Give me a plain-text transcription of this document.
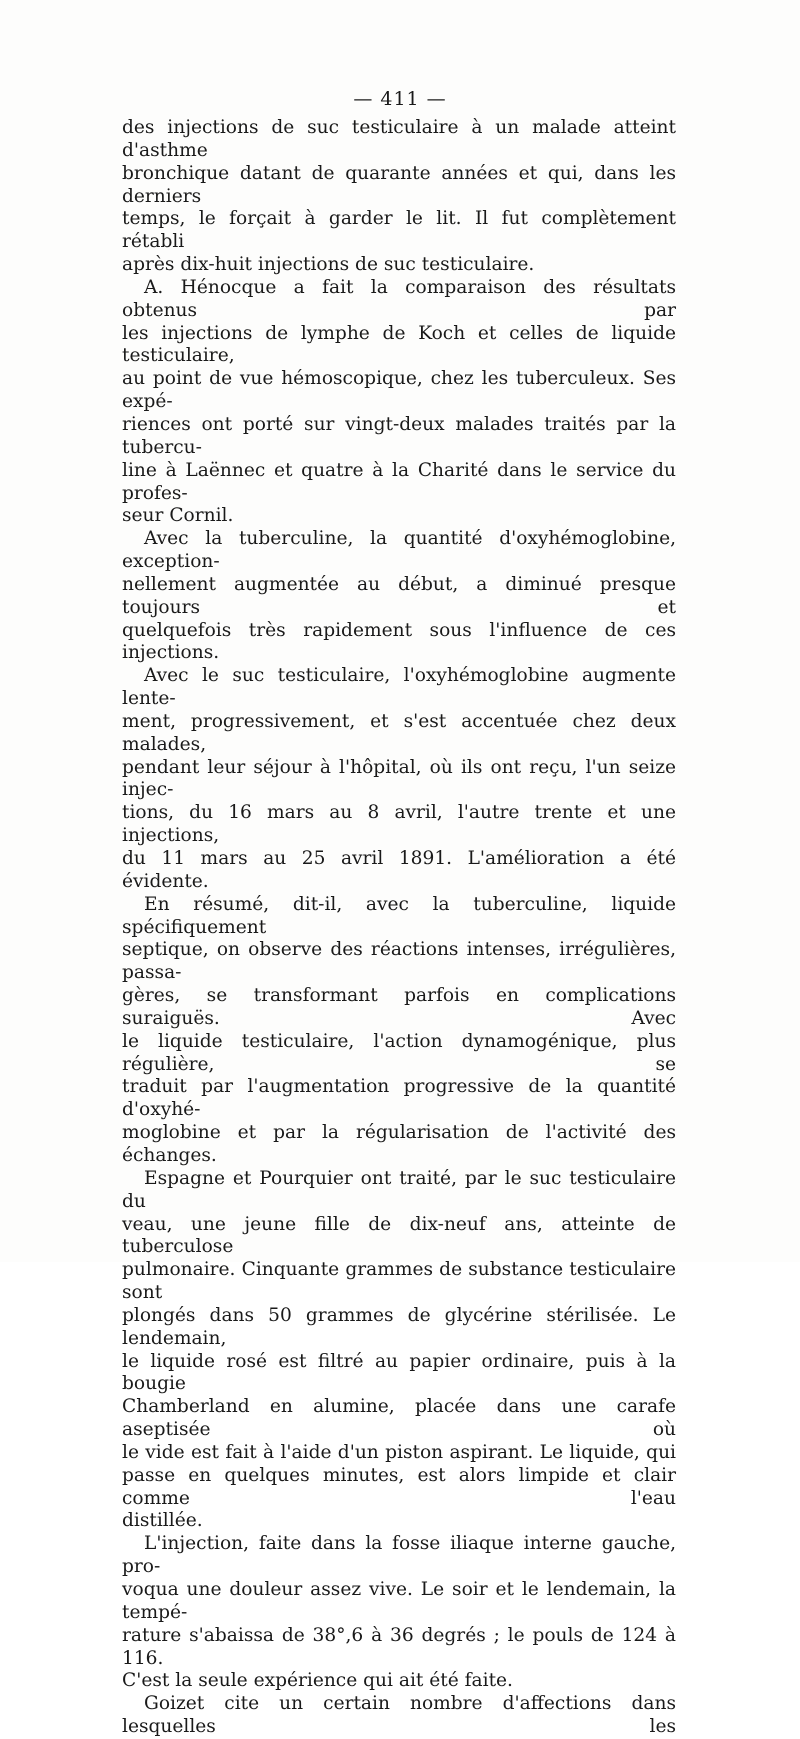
— 411 —
des injections de suc testiculaire à un malade atteint d'asthme
bronchique datant de quarante années et qui, dans les derniers
temps, le forçait à garder le lit. Il fut complètement rétabli
après dix-huit injections de suc testiculaire.
A. Hénocque a fait la comparaison des résultats obtenus par
les injections de lymphe de Koch et celles de liquide testiculaire,
au point de vue hémoscopique, chez les tuberculeux. Ses expé-
riences ont porté sur vingt-deux malades traités par la tubercu-
line à Laënnec et quatre à la Charité dans le service du profes-
seur Cornil.
Avec la tuberculine, la quantité d'oxyhémoglobine, exception-
nellement augmentée au début, a diminué presque toujours et
quelquefois très rapidement sous l'influence de ces injections.
Avec le suc testiculaire, l'oxyhémoglobine augmente lente-
ment, progressivement, et s'est accentuée chez deux malades,
pendant leur séjour à l'hôpital, où ils ont reçu, l'un seize injec-
tions, du 16 mars au 8 avril, l'autre trente et une injections,
du 11 mars au 25 avril 1891. L'amélioration a été évidente.
En résumé, dit-il, avec la tuberculine, liquide spécifiquement
septique, on observe des réactions intenses, irrégulières, passa-
gères, se transformant parfois en complications suraiguës. Avec
le liquide testiculaire, l'action dynamogénique, plus régulière, se
traduit par l'augmentation progressive de la quantité d'oxyhé-
moglobine et par la régularisation de l'activité des échanges.
Espagne et Pourquier ont traité, par le suc testiculaire du
veau, une jeune fille de dix-neuf ans, atteinte de tuberculose
pulmonaire. Cinquante grammes de substance testiculaire sont
plongés dans 50 grammes de glycérine stérilisée. Le lendemain,
le liquide rosé est filtré au papier ordinaire, puis à la bougie
Chamberland en alumine, placée dans une carafe aseptisée où
le vide est fait à l'aide d'un piston aspirant. Le liquide, qui
passe en quelques minutes, est alors limpide et clair comme l'eau
distillée.
L'injection, faite dans la fosse iliaque interne gauche, pro-
voqua une douleur assez vive. Le soir et le lendemain, la tempé-
rature s'abaissa de 38°,6 à 36 degrés ; le pouls de 124 à 116.
C'est la seule expérience qui ait été faite.
Goizet cite un certain nombre d'affections dans lesquelles les
